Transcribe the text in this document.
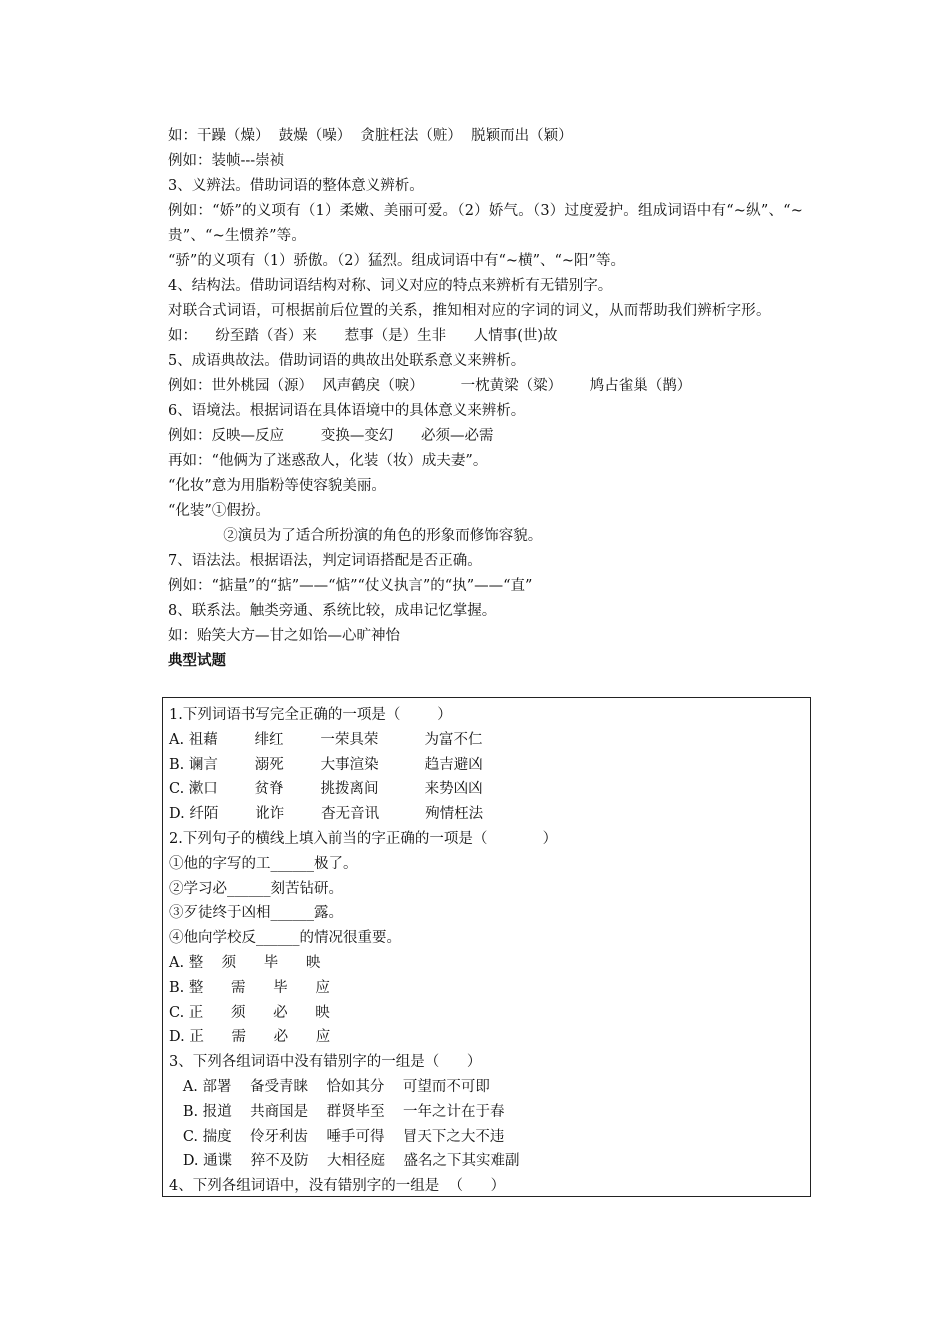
如：干躁（燥）  鼓燥（噪）  贪脏枉法（赃）  脱颖而出（颖）
例如：装帧---崇祯
3、义辨法。借助词语的整体意义辨析。
例如：“娇”的义项有（1）柔嫩、美丽可爱。（2）娇气。（3）过度爱护。组成词语中有“~纵”、“~贵”、“~生惯养”等。
“骄”的义项有（1）骄傲。（2）猛烈。组成词语中有“~横”、“~阳”等。
4、结构法。借助词语结构对称、词义对应的特点来辨析有无错别字。
对联合式词语，可根据前后位置的关系，推知相对应的字词的词义，从而帮助我们辨析字形。
如：    纷至踏（沓）来      惹事（是）生非      人情事(世)故
5、成语典故法。借助词语的典故出处联系意义来辨析。
例如：世外桃园（源）  风声鹤戾（唳）        一枕黄梁（粱）      鸠占雀巢（鹊）
6、语境法。根据词语在具体语境中的具体意义来辨析。
例如：反映—反应        变换—变幻      必须—必需
再如：“他俩为了迷惑敌人，化装（妆）成夫妻”。
“化妆”意为用脂粉等使容貌美丽。
“化装”①假扮。
②演员为了适合所扮演的角色的形象而修饰容貌。
7、语法法。根据语法，判定词语搭配是否正确。
例如：“掂量”的“掂”——“惦”“仗义执言”的“执”——“直”
8、联系法。触类旁通、系统比较，成串记忆掌握。
如：贻笑大方—甘之如饴—心旷神怡
典型试题
1.下列词语书写完全正确的一项是（        ）
A. 祖藉        绯红        一荣具荣          为富不仁
B. 谰言        溺死        大事渲染          趋吉避凶
C. 漱口        贫脊        挑拨离间          来势凶凶
D. 纤陌        讹诈        杳无音讯          殉情枉法
2.下列句子的横线上填入前当的字正确的一项是（            ）
①他的字写的工______极了。
②学习必______刻苦钻研。
③歹徒终于凶相______露。
④他向学校反______的情况很重要。
A. 整    须      毕      映
B. 整      需      毕      应
C. 正      须      必      映
D. 正      需      必      应
3、下列各组词语中没有错别字的一组是（      ）
A. 部署    备受青睐    恰如其分    可望而不可即
B. 报道    共商国是    群贤毕至    一年之计在于春
C. 揣度    伶牙利齿    唾手可得    冒天下之大不违
D. 通谍    猝不及防    大相径庭    盛名之下其实难副
4、下列各组词语中，没有错别字的一组是  （      ）
